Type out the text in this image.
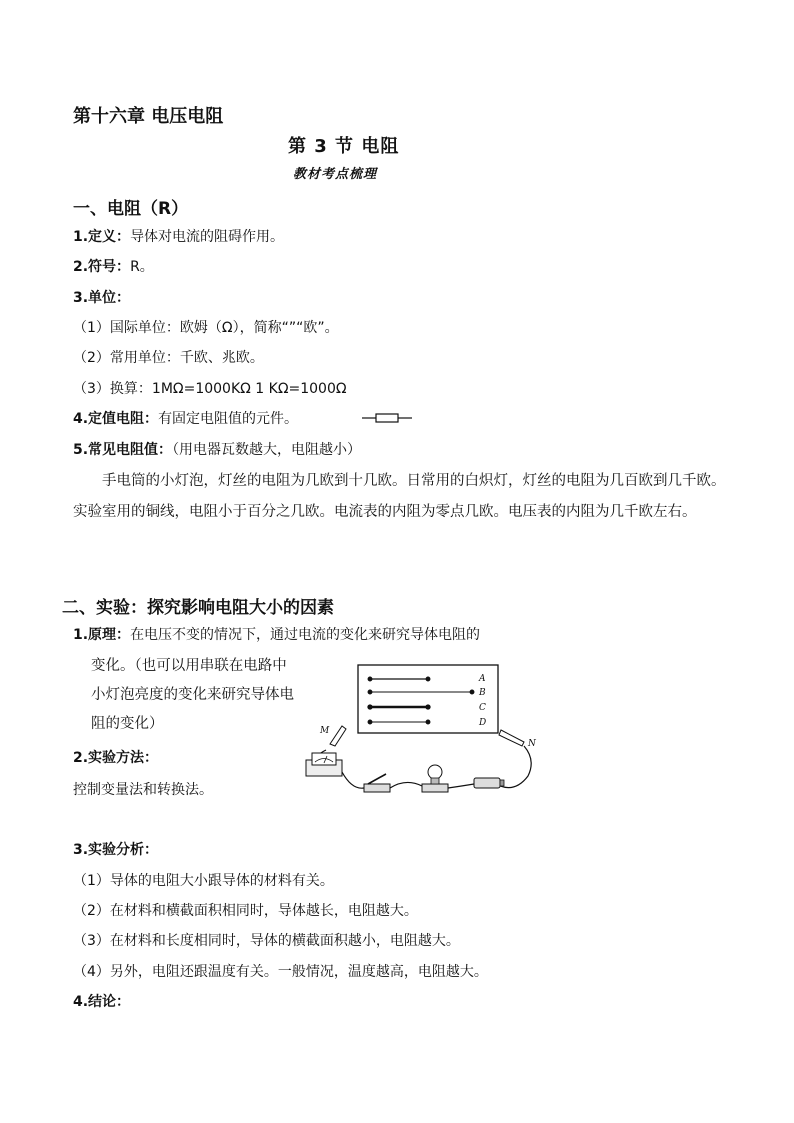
第十六章 电压电阻
第 3 节 电阻
教材考点梳理
一、电阻（R）
1.定义：导体对电流的阻碍作用。
2.符号：R。
3.单位：
（1）国际单位：欧姆（Ω），简称“”“欧”。
（2）常用单位：千欧、兆欧。
（3）换算：1MΩ=1000KΩ 1 KΩ=1000Ω
4.定值电阻：有固定电阻值的元件。
5.常见电阻值：（用电器瓦数越大，电阻越小）
手电筒的小灯泡，灯丝的电阻为几欧到十几欧。日常用的白炽灯，灯丝的电阻为几百欧到几千欧。实验室用的铜线，电阻小于百分之几欧。电流表的内阻为零点几欧。电压表的内阻为几千欧左右。
二、实验：探究影响电阻大小的因素
1.原理：在电压不变的情况下，通过电流的变化来研究导体电阻的
变化。（也可以用串联在电路中小灯泡亮度的变化来研究导体电阻的变化）
2.实验方法：
控制变量法和转换法。
A
B
C
D
M
N
3.实验分析：
（1）导体的电阻大小跟导体的材料有关。
（2）在材料和横截面积相同时，导体越长，电阻越大。
（3）在材料和长度相同时，导体的横截面积越小，电阻越大。
（4）另外，电阻还跟温度有关。一般情况，温度越高，电阻越大。
4.结论：
